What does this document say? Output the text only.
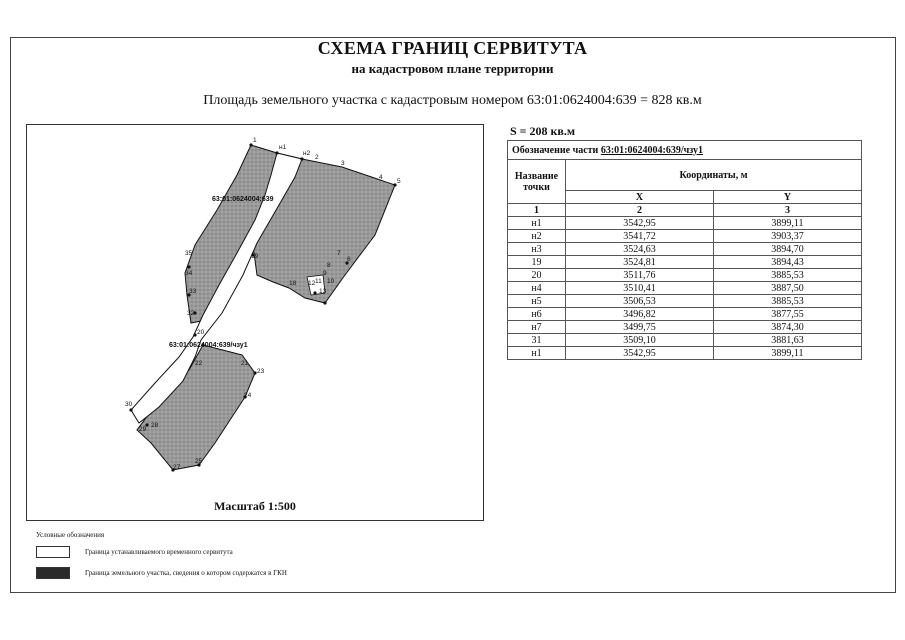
СХЕМА ГРАНИЦ СЕРВИТУТА
на кадастровом плане территории
Площадь земельного участка с кадастровым номером 63:01:0624004:639 = 828 кв.м
63:01:0624004:639
63:01:0624004:639/чзу1
1
н1
н2
2
3
4
5
6
7
8
9
10
11
12
13
18
19
20
21
22
23
24
25
27
28
29
30
32
33
34
35
Масштаб 1:500
S = 208 кв.м
Обозначение части 63:01:0624004:639/чзу1		
Название точки	Координаты, м	
	X	Y
1	2	3
н1	3542,95	3899,11
н2	3541,72	3903,37
н3	3524,63	3894,70
19	3524,81	3894,43
20	3511,76	3885,53
н4	3510,41	3887,50
н5	3506,53	3885,53
н6	3496,82	3877,55
н7	3499,75	3874,30
31	3509,10	3881,63
н1	3542,95	3899,11
Условные обозначения
Граница устанавливаемого временного сервитута
Граница земельного участка, сведения о котором содержатся в ГКН
